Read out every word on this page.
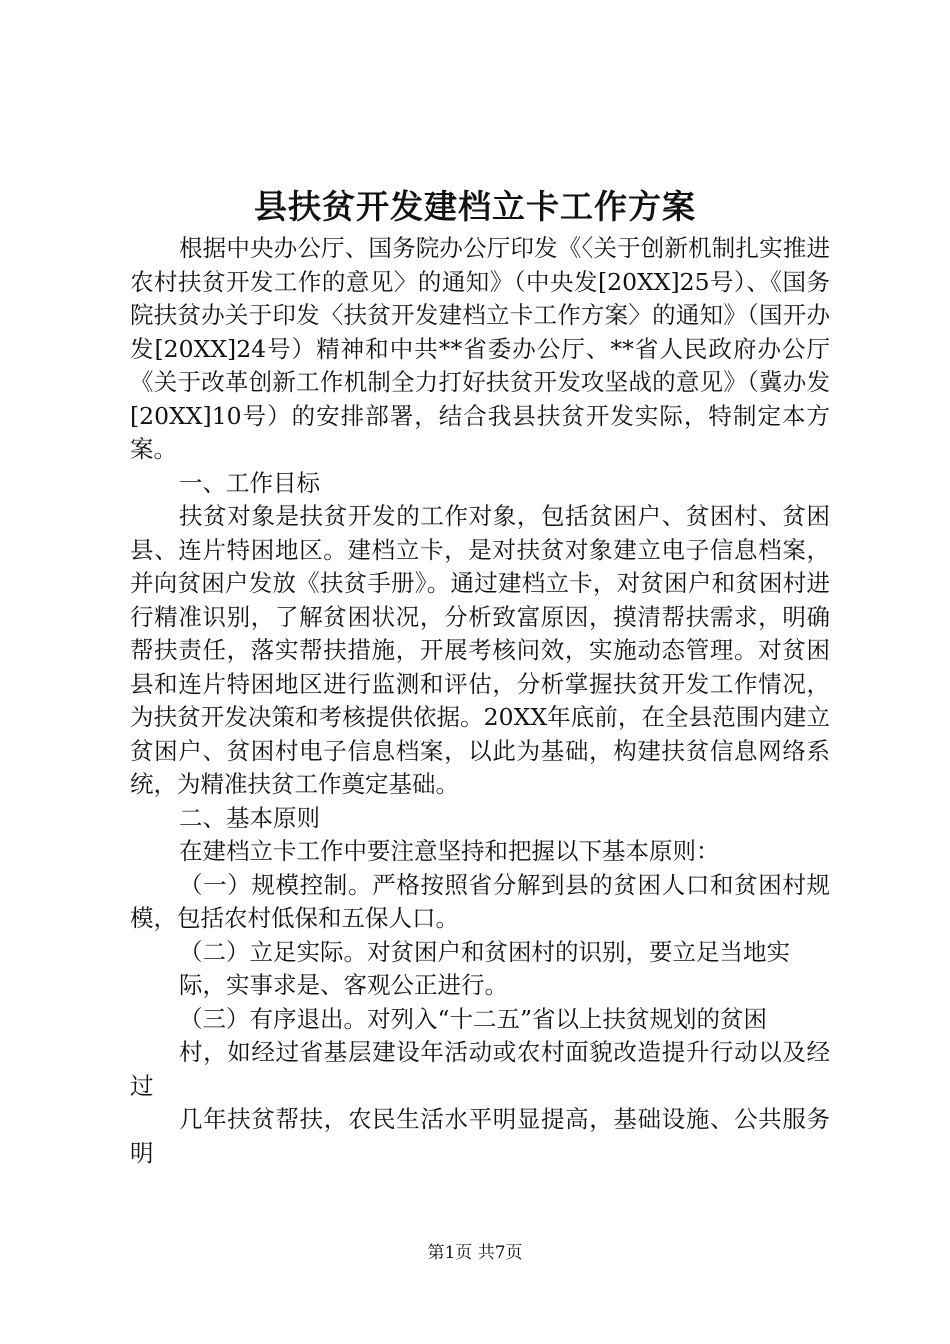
县扶贫开发建档立卡工作方案

根据中央办公厅、国务院办公厅印发《〈关于创新机制扎实推进农村扶贫开发工作的意见〉的通知》（中央发[20XX]25号）、《国务院扶贫办关于印发〈扶贫开发建档立卡工作方案〉的通知》（国开办发[20XX]24号）精神和中共**省委办公厅、**省人民政府办公厅《关于改革创新工作机制全力打好扶贫开发攻坚战的意见》（冀办发[20XX]10号）的安排部署，结合我县扶贫开发实际，特制定本方案。

一、工作目标

扶贫对象是扶贫开发的工作对象，包括贫困户、贫困村、贫困县、连片特困地区。建档立卡，是对扶贫对象建立电子信息档案，并向贫困户发放《扶贫手册》。通过建档立卡，对贫困户和贫困村进行精准识别，了解贫困状况，分析致富原因，摸清帮扶需求，明确帮扶责任，落实帮扶措施，开展考核问效，实施动态管理。对贫困县和连片特困地区进行监测和评估，分析掌握扶贫开发工作情况，为扶贫开发决策和考核提供依据。20XX年底前，在全县范围内建立贫困户、贫困村电子信息档案，以此为基础，构建扶贫信息网络系统，为精准扶贫工作奠定基础。

二、基本原则

在建档立卡工作中要注意坚持和把握以下基本原则：

（一）规模控制。严格按照省分解到县的贫困人口和贫困村规模，包括农村低保和五保人口。

（二）立足实际。对贫困户和贫困村的识别，要立足当地实

际，实事求是、客观公正进行。

（三）有序退出。对列入“十二五”省以上扶贫规划的贫困

村，如经过省基层建设年活动或农村面貌改造提升行动以及经过

几年扶贫帮扶，农民生活水平明显提高，基础设施、公共服务明

第1页 共7页
